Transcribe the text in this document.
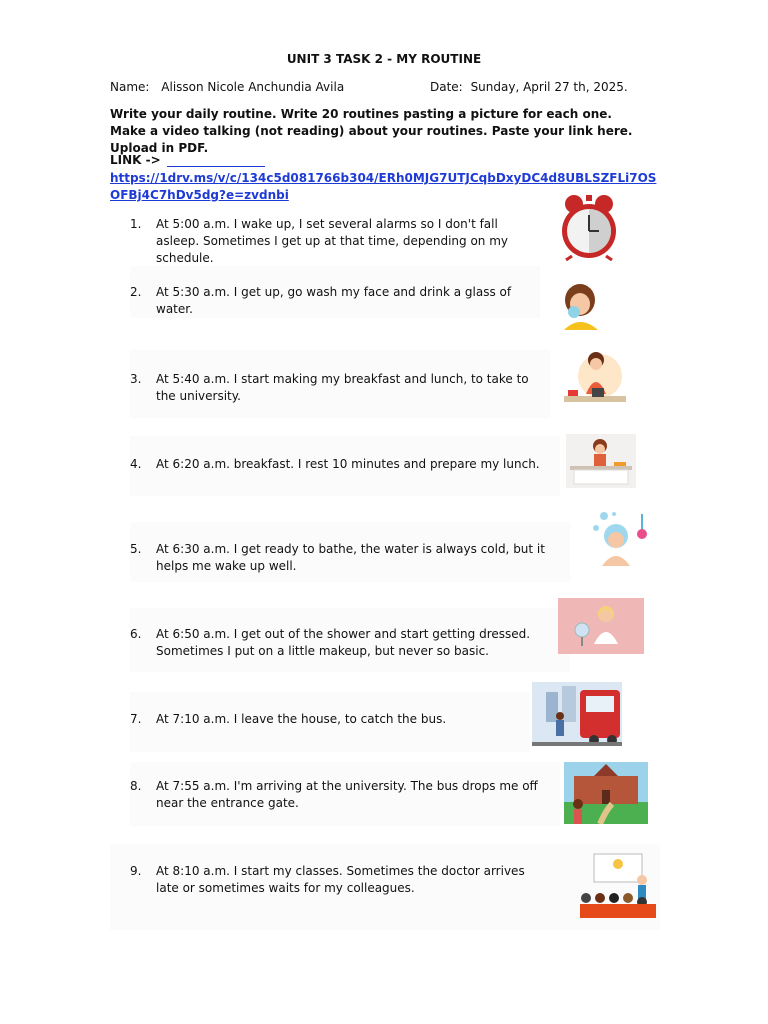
UNIT 3 TASK 2 - MY ROUTINE
Name: Alisson Nicole Anchundia Avila	Date: Sunday, April 27 th, 2025.
Write your daily routine. Write 20 routines pasting a picture for each one. Make a video talking (not reading) about your routines. Paste your link here. Upload in PDF.
LINK ->
https://1drv.ms/v/c/134c5d081766b304/ERh0MJG7UTJCqbDxyDC4d8UBLSZFLi7OSOFBj4C7hDv5dg?e=zvdnbi
1.	At 5:00 a.m. I wake up, I set several alarms so I don't fall asleep. Sometimes I get up at that time, depending on my schedule.
2.	At 5:30 a.m. I get up, go wash my face and drink a glass of water.
3.	At 5:40 a.m. I start making my breakfast and lunch, to take to the university.
4.	At 6:20 a.m. breakfast. I rest 10 minutes and prepare my lunch.
5.	At 6:30 a.m. I get ready to bathe, the water is always cold, but it helps me wake up well.
6.	At 6:50 a.m. I get out of the shower and start getting dressed. Sometimes I put on a little makeup, but never so basic.
7.	At 7:10 a.m. I leave the house, to catch the bus.
8.	At 7:55 a.m. I'm arriving at the university. The bus drops me off near the entrance gate.
9.	At 8:10 a.m. I start my classes. Sometimes the doctor arrives late or sometimes waits for my colleagues.
